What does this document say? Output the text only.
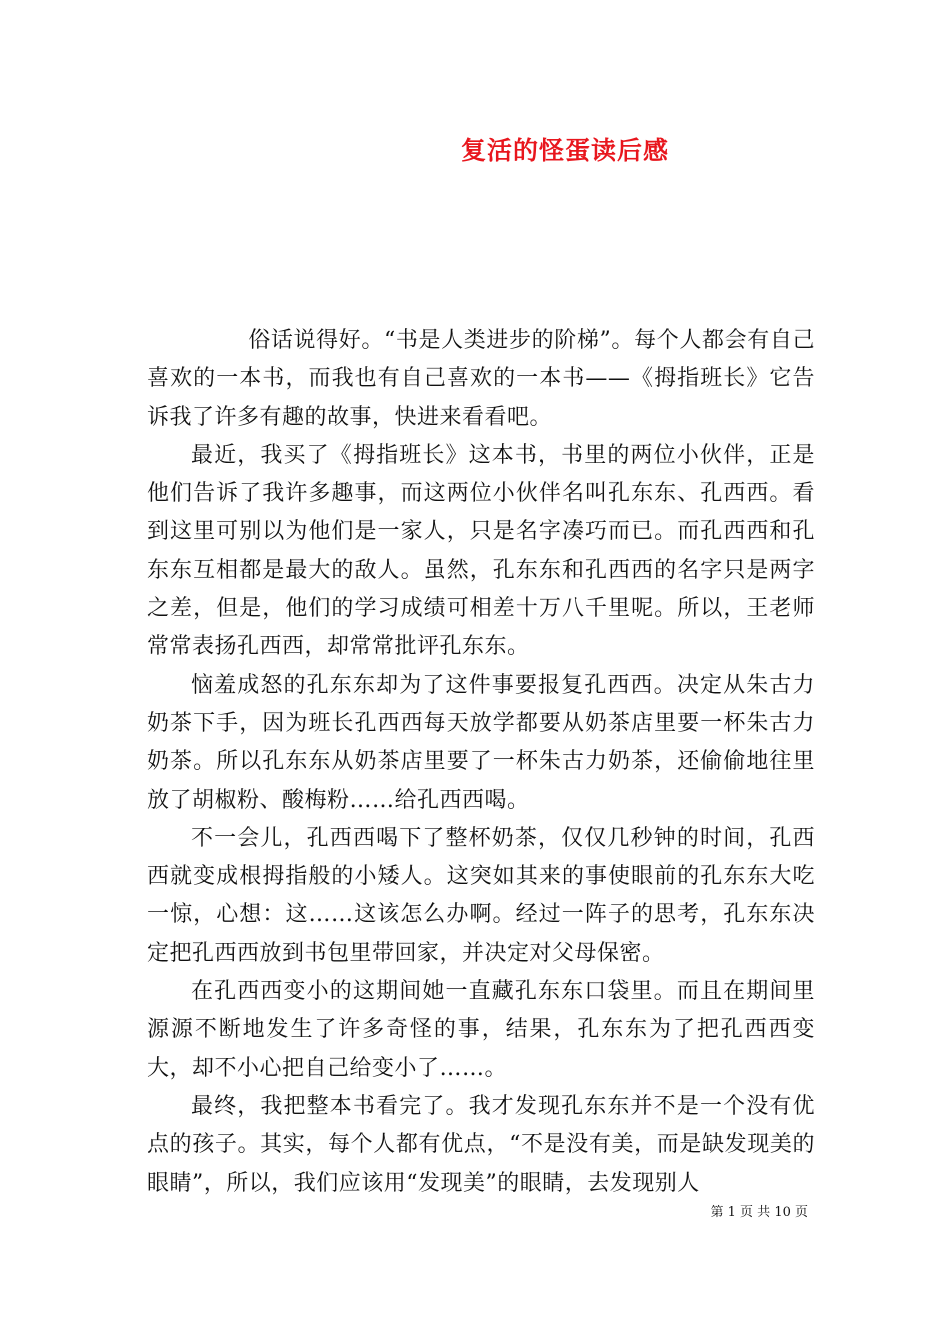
复活的怪蛋读后感

俗话说得好。“书是人类进步的阶梯”。每个人都会有自己喜欢的一本书，而我也有自己喜欢的一本书——《拇指班长》它告诉我了许多有趣的故事，快进来看看吧。

最近，我买了《拇指班长》这本书，书里的两位小伙伴，正是他们告诉了我许多趣事，而这两位小伙伴名叫孔东东、孔西西。看到这里可别以为他们是一家人，只是名字凑巧而已。而孔西西和孔东东互相都是最大的敌人。虽然，孔东东和孔西西的名字只是两字之差，但是，他们的学习成绩可相差十万八千里呢。所以，王老师常常表扬孔西西，却常常批评孔东东。

恼羞成怒的孔东东却为了这件事要报复孔西西。决定从朱古力奶茶下手，因为班长孔西西每天放学都要从奶茶店里要一杯朱古力奶茶。所以孔东东从奶茶店里要了一杯朱古力奶茶，还偷偷地往里放了胡椒粉、酸梅粉……给孔西西喝。

不一会儿，孔西西喝下了整杯奶茶，仅仅几秒钟的时间，孔西西就变成根拇指般的小矮人。这突如其来的事使眼前的孔东东大吃一惊，心想：这……这该怎么办啊。经过一阵子的思考，孔东东决定把孔西西放到书包里带回家，并决定对父母保密。

在孔西西变小的这期间她一直藏孔东东口袋里。而且在期间里源源不断地发生了许多奇怪的事，结果，孔东东为了把孔西西变大，却不小心把自己给变小了……。

最终，我把整本书看完了。我才发现孔东东并不是一个没有优点的孩子。其实，每个人都有优点，“不是没有美，而是缺发现美的眼睛”，所以，我们应该用“发现美”的眼睛，去发现别人

第 1 页 共 10 页
